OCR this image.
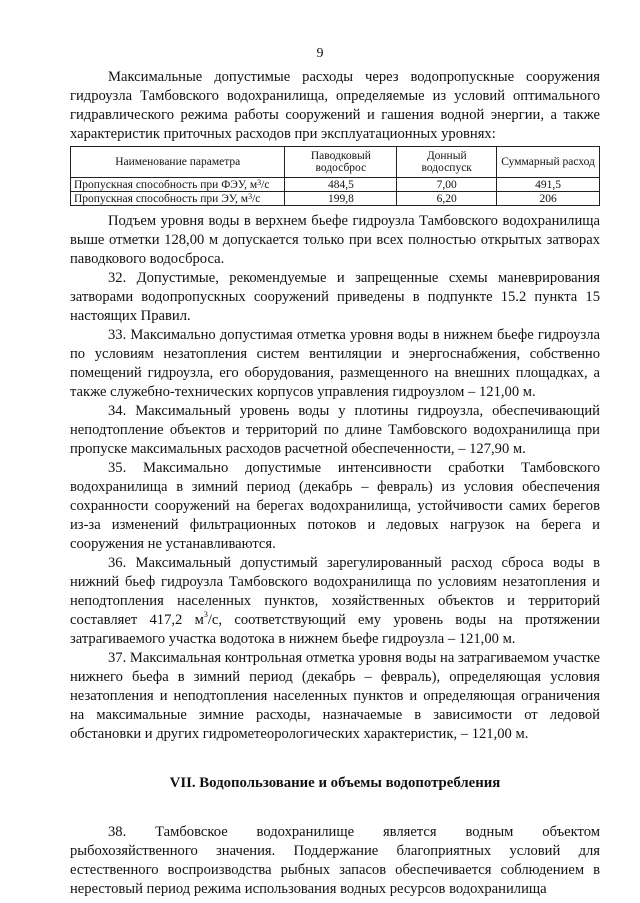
9

Максимальные допустимые расходы через водопропускные сооружения гидроузла Тамбовского водохранилища, определяемые из условий оптимального гидравлического режима работы сооружений и гашения водной энергии, а также характеристик приточных расходов при эксплуатационных уровнях:

Наименование параметра	Паводковый водосброс	Донный водоспуск	Суммарный расход
Пропускная способность при ФЭУ, $м^3/с$	484,5	7,00	491,5
Пропускная способность при ЭУ, $м^3/с$	199,8	6,20	206

Подъем уровня воды в верхнем бьефе гидроузла Тамбовского водохранилища выше отметки 128,00 м допускается только при всех полностью открытых затворах паводкового водосброса.

32. Допустимые, рекомендуемые и запрещенные схемы маневрирования затворами водопропускных сооружений приведены в подпункте 15.2 пункта 15 настоящих Правил.

33. Максимально допустимая отметка уровня воды в нижнем бьефе гидроузла по условиям незатопления систем вентиляции и энергоснабжения, собственно помещений гидроузла, его оборудования, размещенного на внешних площадках, а также служебно-технических корпусов управления гидроузлом – 121,00 м.

34. Максимальный уровень воды у плотины гидроузла, обеспечивающий неподтопление объектов и территорий по длине Тамбовского водохранилища при пропуске максимальных расходов расчетной обеспеченности, – 127,90 м.

35. Максимально допустимые интенсивности сработки Тамбовского водохранилища в зимний период (декабрь – февраль) из условия обеспечения сохранности сооружений на берегах водохранилища, устойчивости самих берегов из-за изменений фильтрационных потоков и ледовых нагрузок на берега и сооружения не устанавливаются.

36. Максимальный допустимый зарегулированный расход сброса воды в нижний бьеф гидроузла Тамбовского водохранилища по условиям незатопления и неподтопления населенных пунктов, хозяйственных объектов и территорий составляет 417,2 $м^3/с$, соответствующий ему уровень воды на протяжении затрагиваемого участка водотока в нижнем бьефе гидроузла – 121,00 м.

37. Максимальная контрольная отметка уровня воды на затрагиваемом участке нижнего бьефа в зимний период (декабрь – февраль), определяющая условия незатопления и неподтопления населенных пунктов и определяющая ограничения на максимальные зимние расходы, назначаемые в зависимости от ледовой обстановки и других гидрометеорологических характеристик, – 121,00 м.

VII. Водопользование и объемы водопотребления

38. Тамбовское водохранилище является водным объектом рыбохозяйственного значения. Поддержание благоприятных условий для естественного воспроизводства рыбных запасов обеспечивается соблюдением в нерестовый период режима использования водных ресурсов водохранилища
